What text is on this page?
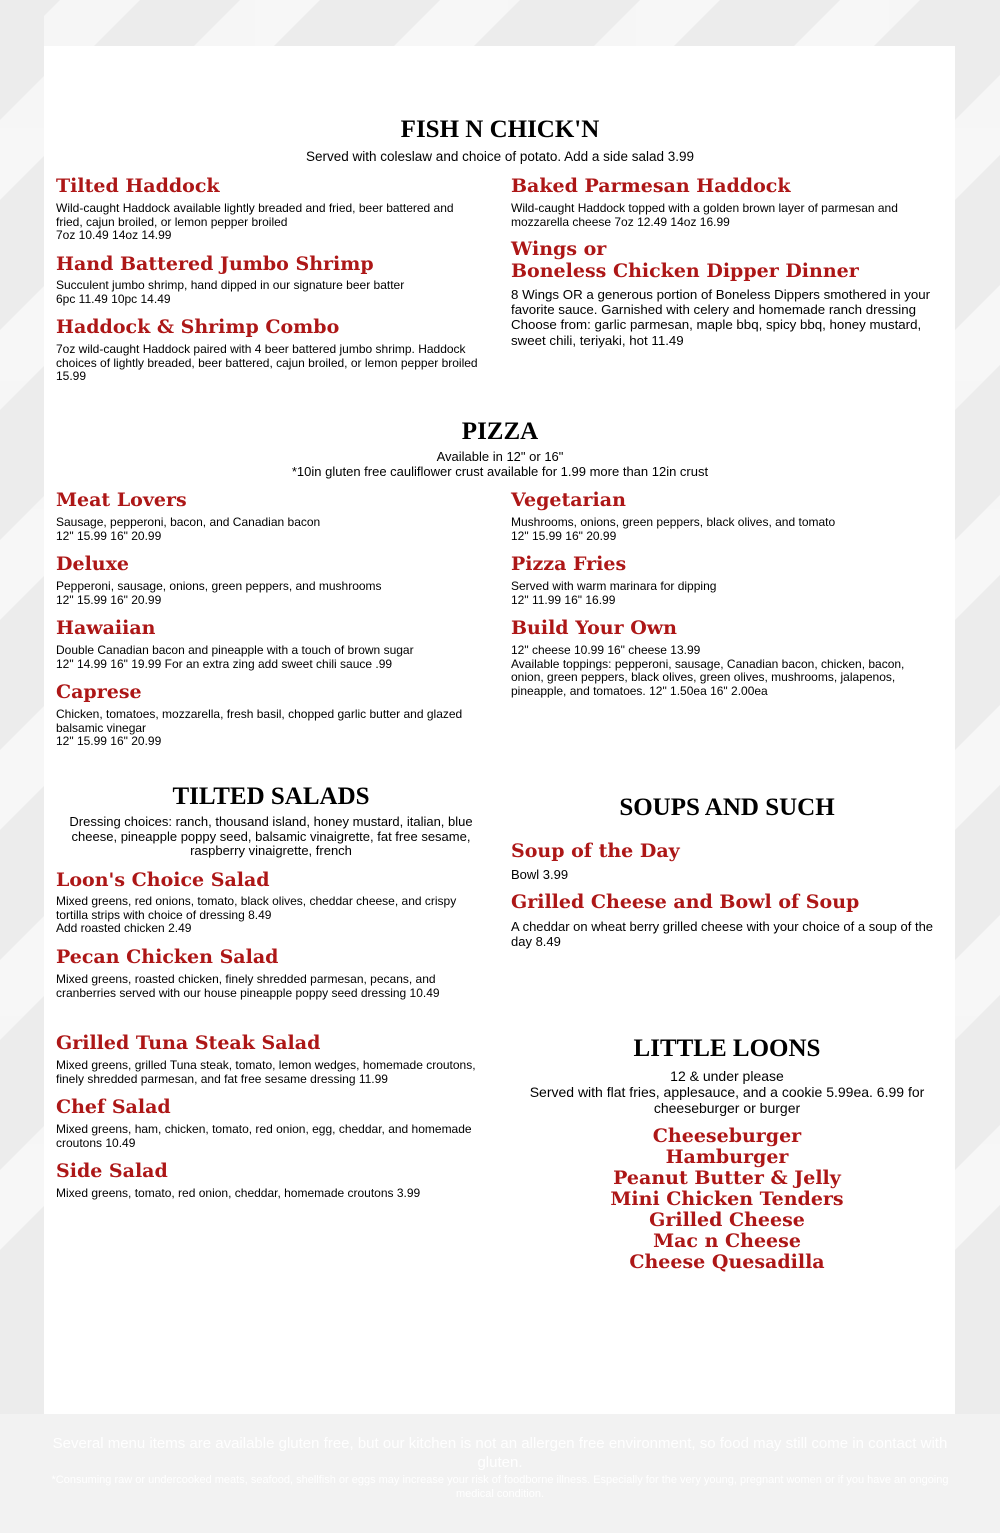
FISH N CHICK'N
Served with coleslaw and choice of potato. Add a side salad 3.99
Tilted Haddock
Wild-caught Haddock available lightly breaded and fried, beer battered and fried, cajun broiled, or lemon pepper broiled
7oz 10.49 14oz 14.99
Hand Battered Jumbo Shrimp
Succulent jumbo shrimp, hand dipped in our signature beer batter
6pc 11.49 10pc 14.49
Haddock & Shrimp Combo
7oz wild-caught Haddock paired with 4 beer battered jumbo shrimp. Haddock choices of lightly breaded, beer battered, cajun broiled, or lemon pepper broiled 15.99
Baked Parmesan Haddock
Wild-caught Haddock topped with a golden brown layer of parmesan and mozzarella cheese 7oz 12.49 14oz 16.99
Wings or
Boneless Chicken Dipper Dinner
8 Wings OR a generous portion of Boneless Dippers smothered in your favorite sauce. Garnished with celery and homemade ranch dressing
Choose from: garlic parmesan, maple bbq, spicy bbq, honey mustard, sweet chili, teriyaki, hot 11.49
PIZZA
Available in 12" or 16"
*10in gluten free cauliflower crust available for 1.99 more than 12in crust
Meat Lovers
Sausage, pepperoni, bacon, and Canadian bacon
12" 15.99 16" 20.99
Deluxe
Pepperoni, sausage, onions, green peppers, and mushrooms
12" 15.99 16" 20.99
Hawaiian
Double Canadian bacon and pineapple with a touch of brown sugar
12" 14.99 16" 19.99 For an extra zing add sweet chili sauce .99
Caprese
Chicken, tomatoes, mozzarella, fresh basil, chopped garlic butter and glazed balsamic vinegar
12" 15.99 16" 20.99
Vegetarian
Mushrooms, onions, green peppers, black olives, and tomato
12" 15.99 16" 20.99
Pizza Fries
Served with warm marinara for dipping
12" 11.99 16" 16.99
Build Your Own
12" cheese 10.99 16" cheese 13.99
Available toppings: pepperoni, sausage, Canadian bacon, chicken, bacon, onion, green peppers, black olives, green olives, mushrooms, jalapenos, pineapple, and tomatoes. 12" 1.50ea 16" 2.00ea
TILTED SALADS
Dressing choices: ranch, thousand island, honey mustard, italian, blue cheese, pineapple poppy seed, balsamic vinaigrette, fat free sesame, raspberry vinaigrette, french
Loon's Choice Salad
Mixed greens, red onions, tomato, black olives, cheddar cheese, and crispy tortilla strips with choice of dressing 8.49
Add roasted chicken 2.49
Pecan Chicken Salad
Mixed greens, roasted chicken, finely shredded parmesan, pecans, and cranberries served with our house pineapple poppy seed dressing 10.49
Grilled Tuna Steak Salad
Mixed greens, grilled Tuna steak, tomato, lemon wedges, homemade croutons, finely shredded parmesan, and fat free sesame dressing 11.99
Chef Salad
Mixed greens, ham, chicken, tomato, red onion, egg, cheddar, and homemade croutons 10.49
Side Salad
Mixed greens, tomato, red onion, cheddar, homemade croutons 3.99
SOUPS AND SUCH
Soup of the Day
Bowl 3.99
Grilled Cheese and Bowl of Soup
A cheddar on wheat berry grilled cheese with your choice of a soup of the day 8.49
LITTLE LOONS
12 & under please
Served with flat fries, applesauce, and a cookie 5.99ea. 6.99 for cheeseburger or burger
Cheeseburger
Hamburger
Peanut Butter & Jelly
Mini Chicken Tenders
Grilled Cheese
Mac n Cheese
Cheese Quesadilla
Several menu items are available gluten free, but our kitchen is not an allergen free environment, so food may still come in contact with gluten.
*Consuming raw or undercooked meats, seafood, shellfish or eggs may increase your risk of foodborne illness. Especially for the very young, pregnant women or if you have an ongoing medical condition.
